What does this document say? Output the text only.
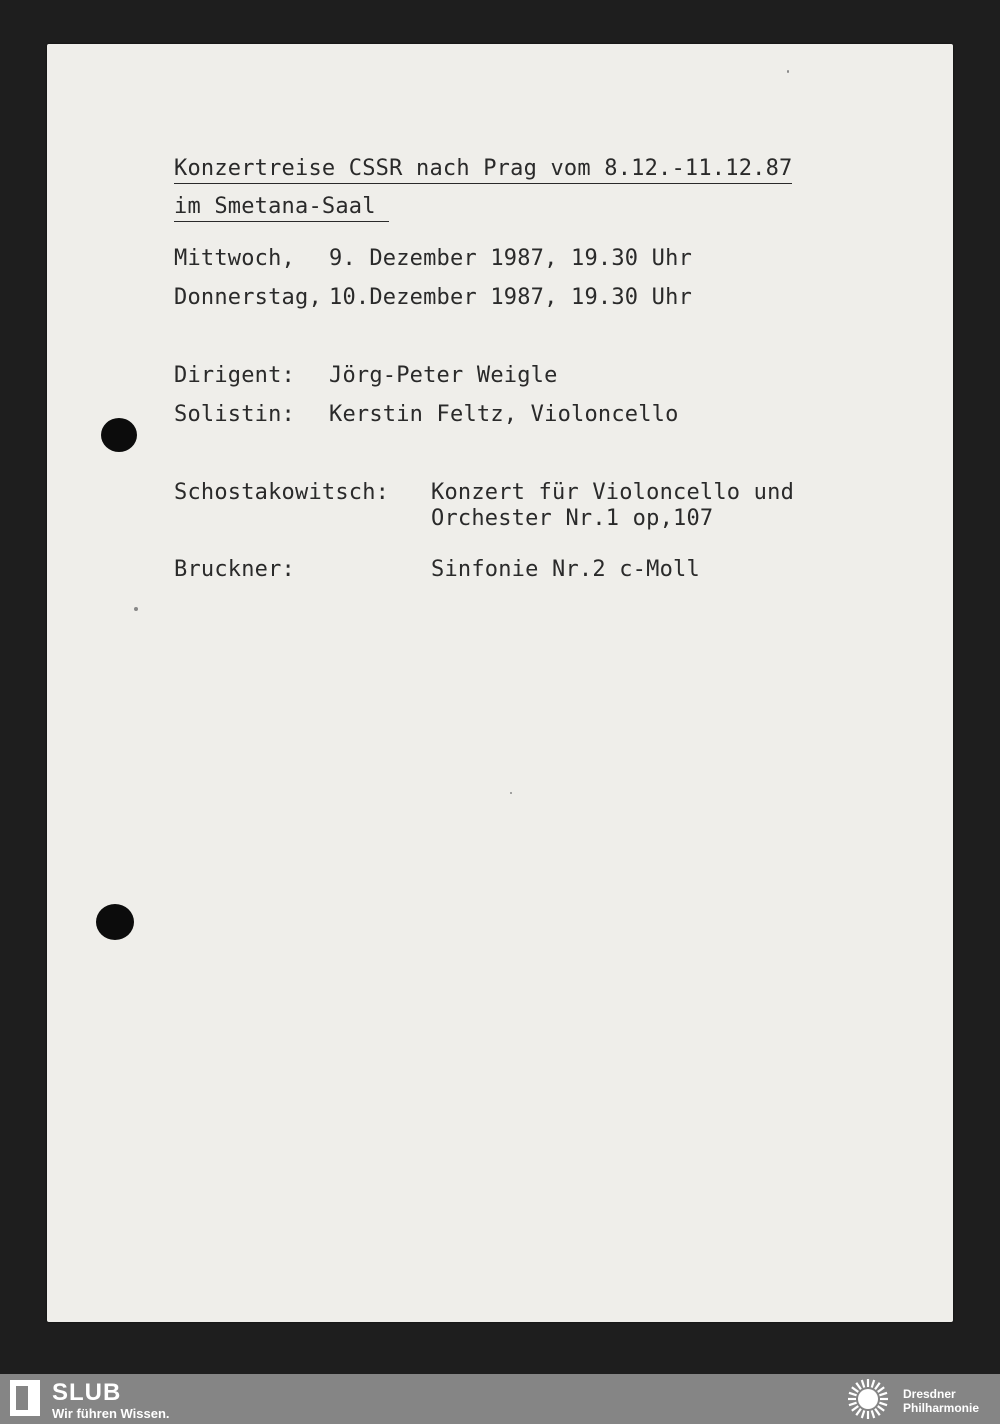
Konzertreise CSSR nach Prag vom 8.12.-11.12.87
im Smetana-Saal
Mittwoch, 9. Dezember 1987, 19.30 Uhr
Donnerstag, 10.Dezember 1987, 19.30 Uhr
Dirigent: Jörg-Peter Weigle
Solistin: Kerstin Feltz, Violoncello
Schostakowitsch: Konzert für Violoncello und
Orchester Nr.1 op,107
Bruckner:	Sinfonie Nr.2 c-Moll
SLUB
Wir führen Wissen.
Dresdner
Philharmonie
